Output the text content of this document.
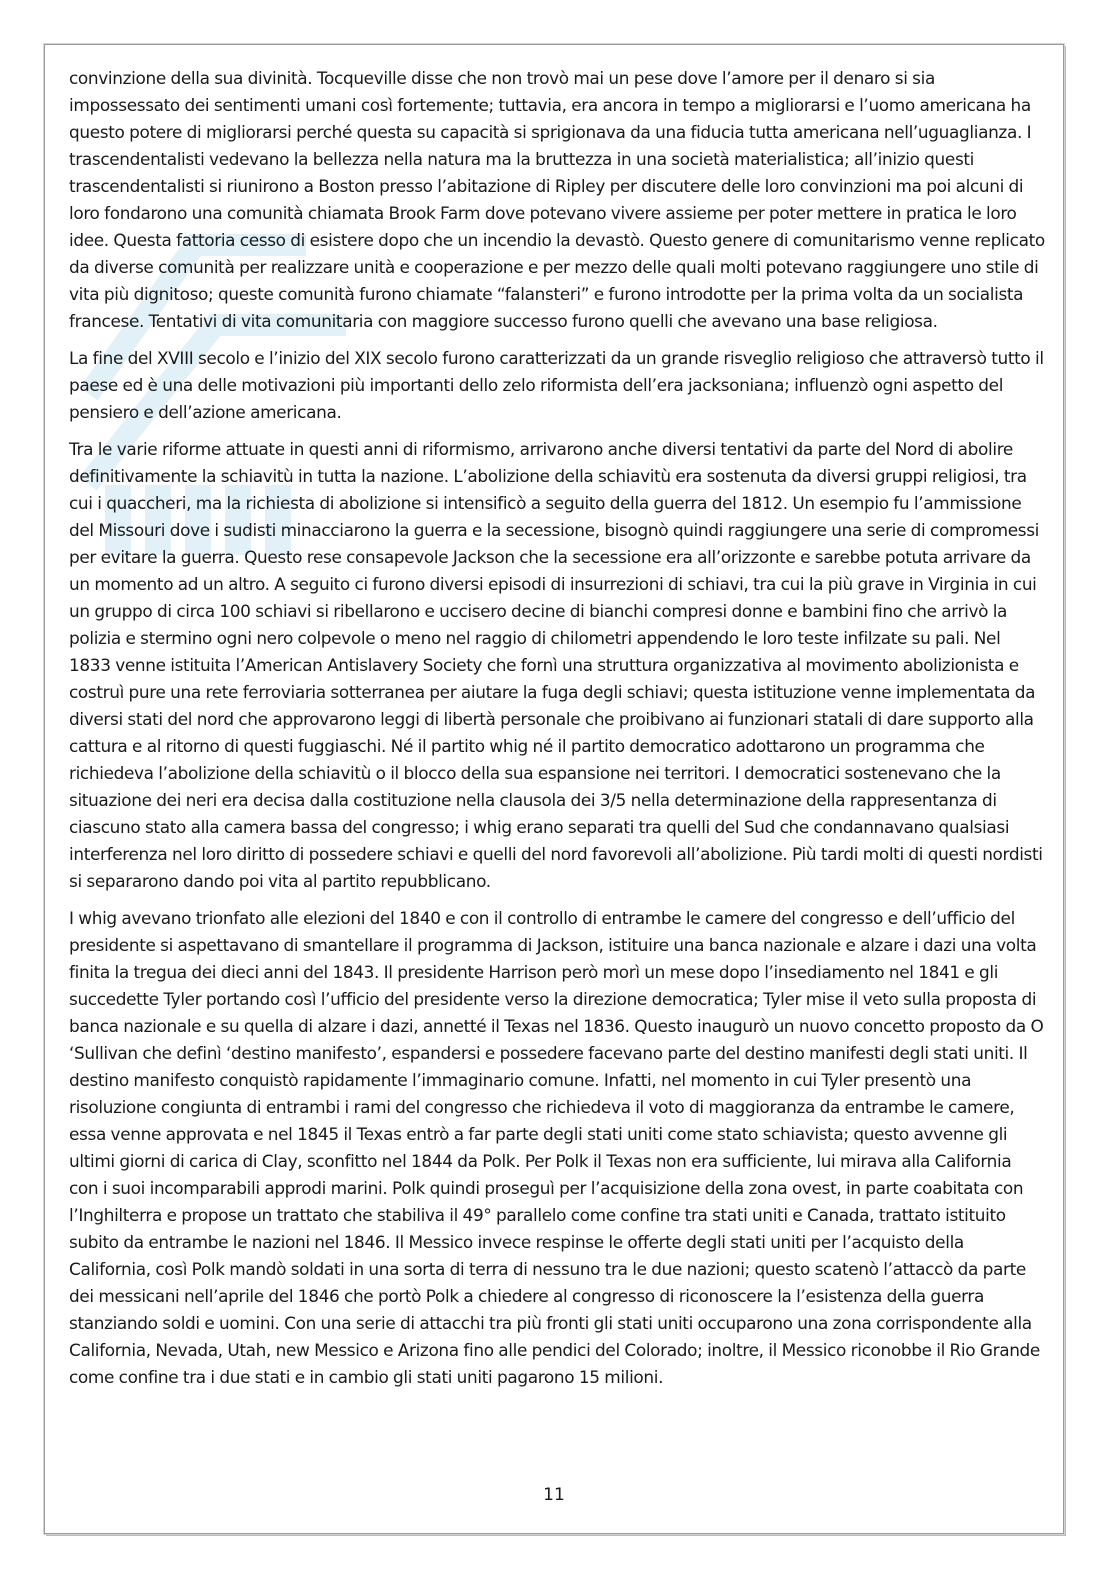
convinzione della sua divinità. Tocqueville disse che non trovò mai un pese dove l’amore per il denaro si sia impossessato dei sentimenti umani così fortemente; tuttavia, era ancora in tempo a migliorarsi e l’uomo americana ha questo potere di migliorarsi perché questa su capacità si sprigionava da una fiducia tutta americana nell’uguaglianza. I trascendentalisti vedevano la bellezza nella natura ma la bruttezza in una società materialistica; all’inizio questi trascendentalisti si riunirono a Boston presso l’abitazione di Ripley per discutere delle loro convinzioni ma poi alcuni di loro fondarono una comunità chiamata Brook Farm dove potevano vivere assieme per poter mettere in pratica le loro idee. Questa fattoria cesso di esistere dopo che un incendio la devastò. Questo genere di comunitarismo venne replicato da diverse comunità per realizzare unità e cooperazione e per mezzo delle quali molti potevano raggiungere uno stile di vita più dignitoso; queste comunità furono chiamate “falansteri” e furono introdotte per la prima volta da un socialista francese. Tentativi di vita comunitaria con maggiore successo furono quelli che avevano una base religiosa.

La fine del XVIII secolo e l’inizio del XIX secolo furono caratterizzati da un grande risveglio religioso che attraversò tutto il paese ed è una delle motivazioni più importanti dello zelo riformista dell’era jacksoniana; influenzò ogni aspetto del pensiero e dell’azione americana.

Tra le varie riforme attuate in questi anni di riformismo, arrivarono anche diversi tentativi da parte del Nord di abolire definitivamente la schiavitù in tutta la nazione. L’abolizione della schiavitù era sostenuta da diversi gruppi religiosi, tra cui i quaccheri, ma la richiesta di abolizione si intensificò a seguito della guerra del 1812. Un esempio fu l’ammissione del Missouri dove i sudisti minacciarono la guerra e la secessione, bisognò quindi raggiungere una serie di compromessi per evitare la guerra. Questo rese consapevole Jackson che la secessione era all’orizzonte e sarebbe potuta arrivare da un momento ad un altro. A seguito ci furono diversi episodi di insurrezioni di schiavi, tra cui la più grave in Virginia in cui un gruppo di circa 100 schiavi si ribellarono e uccisero decine di bianchi compresi donne e bambini fino che arrivò la polizia e stermino ogni nero colpevole o meno nel raggio di chilometri appendendo le loro teste infilzate su pali. Nel 1833 venne istituita l’American Antislavery Society che fornì una struttura organizzativa al movimento abolizionista e costruì pure una rete ferroviaria sotterranea per aiutare la fuga degli schiavi; questa istituzione venne implementata da diversi stati del nord che approvarono leggi di libertà personale che proibivano ai funzionari statali di dare supporto alla cattura e al ritorno di questi fuggiaschi. Né il partito whig né il partito democratico adottarono un programma che richiedeva l’abolizione della schiavitù o il blocco della sua espansione nei territori. I democratici sostenevano che la situazione dei neri era decisa dalla costituzione nella clausola dei 3/5 nella determinazione della rappresentanza di ciascuno stato alla camera bassa del congresso; i whig erano separati tra quelli del Sud che condannavano qualsiasi interferenza nel loro diritto di possedere schiavi e quelli del nord favorevoli all’abolizione. Più tardi molti di questi nordisti si separarono dando poi vita al partito repubblicano.

I whig avevano trionfato alle elezioni del 1840 e con il controllo di entrambe le camere del congresso e dell’ufficio del presidente si aspettavano di smantellare il programma di Jackson, istituire una banca nazionale e alzare i dazi una volta finita la tregua dei dieci anni del 1843. Il presidente Harrison però morì un mese dopo l’insediamento nel 1841 e gli succedette Tyler portando così l’ufficio del presidente verso la direzione democratica; Tyler mise il veto sulla proposta di banca nazionale e su quella di alzare i dazi, annetté il Texas nel 1836. Questo inaugurò un nuovo concetto proposto da O ‘Sullivan che definì ‘destino manifesto’, espandersi e possedere facevano parte del destino manifesti degli stati uniti. Il destino manifesto conquistò rapidamente l’immaginario comune. Infatti, nel momento in cui Tyler presentò una risoluzione congiunta di entrambi i rami del congresso che richiedeva il voto di maggioranza da entrambe le camere, essa venne approvata e nel 1845 il Texas entrò a far parte degli stati uniti come stato schiavista; questo avvenne gli ultimi giorni di carica di Clay, sconfitto nel 1844 da Polk. Per Polk il Texas non era sufficiente, lui mirava alla California con i suoi incomparabili approdi marini. Polk quindi proseguì per l’acquisizione della zona ovest, in parte coabitata con l’Inghilterra e propose un trattato che stabiliva il 49° parallelo come confine tra stati uniti e Canada, trattato istituito subito da entrambe le nazioni nel 1846. Il Messico invece respinse le offerte degli stati uniti per l’acquisto della California, così Polk mandò soldati in una sorta di terra di nessuno tra le due nazioni; questo scatenò l’attaccò da parte dei messicani nell’aprile del 1846 che portò Polk a chiedere al congresso di riconoscere la l’esistenza della guerra stanziando soldi e uomini. Con una serie di attacchi tra più fronti gli stati uniti occuparono una zona corrispondente alla California, Nevada, Utah, new Messico e Arizona fino alle pendici del Colorado; inoltre, il Messico riconobbe il Rio Grande come confine tra i due stati e in cambio gli stati uniti pagarono 15 milioni.

11
